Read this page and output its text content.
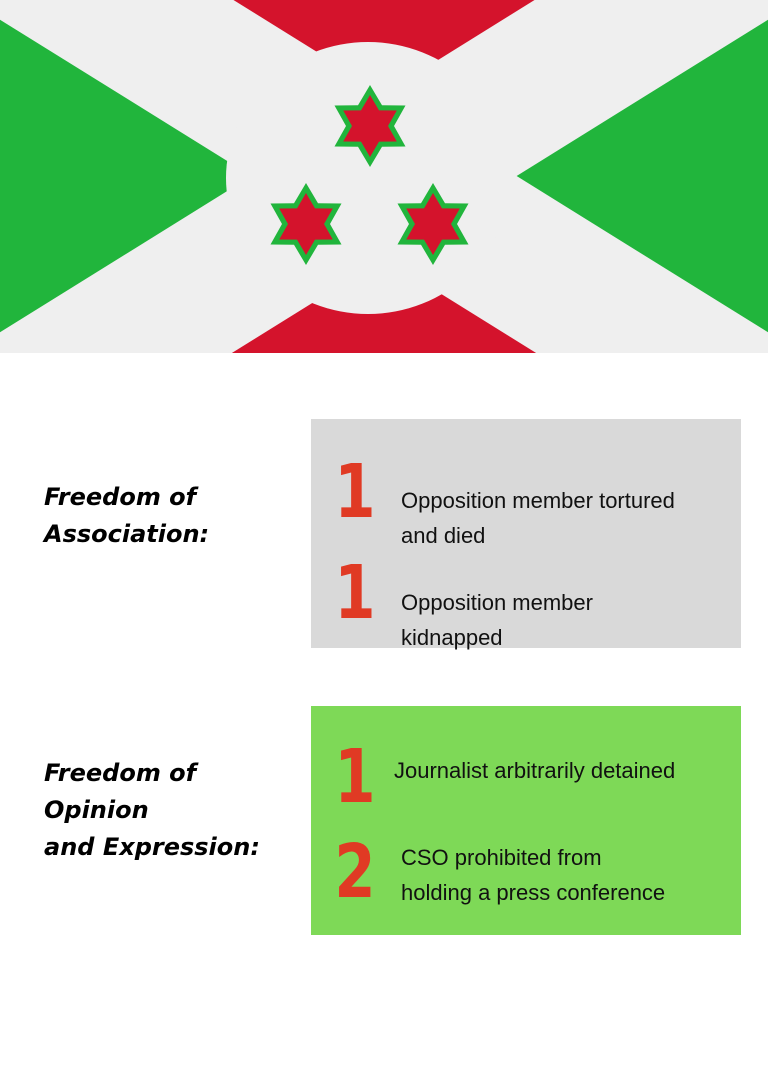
Freedom of
Association: 1 Opposition member tortured
and died
1 Opposition member
kidnapped
Freedom of
Opinion
and Expression:
1 Journalist arbitrarily detained
2 CSO prohibited from
holding a press conference
